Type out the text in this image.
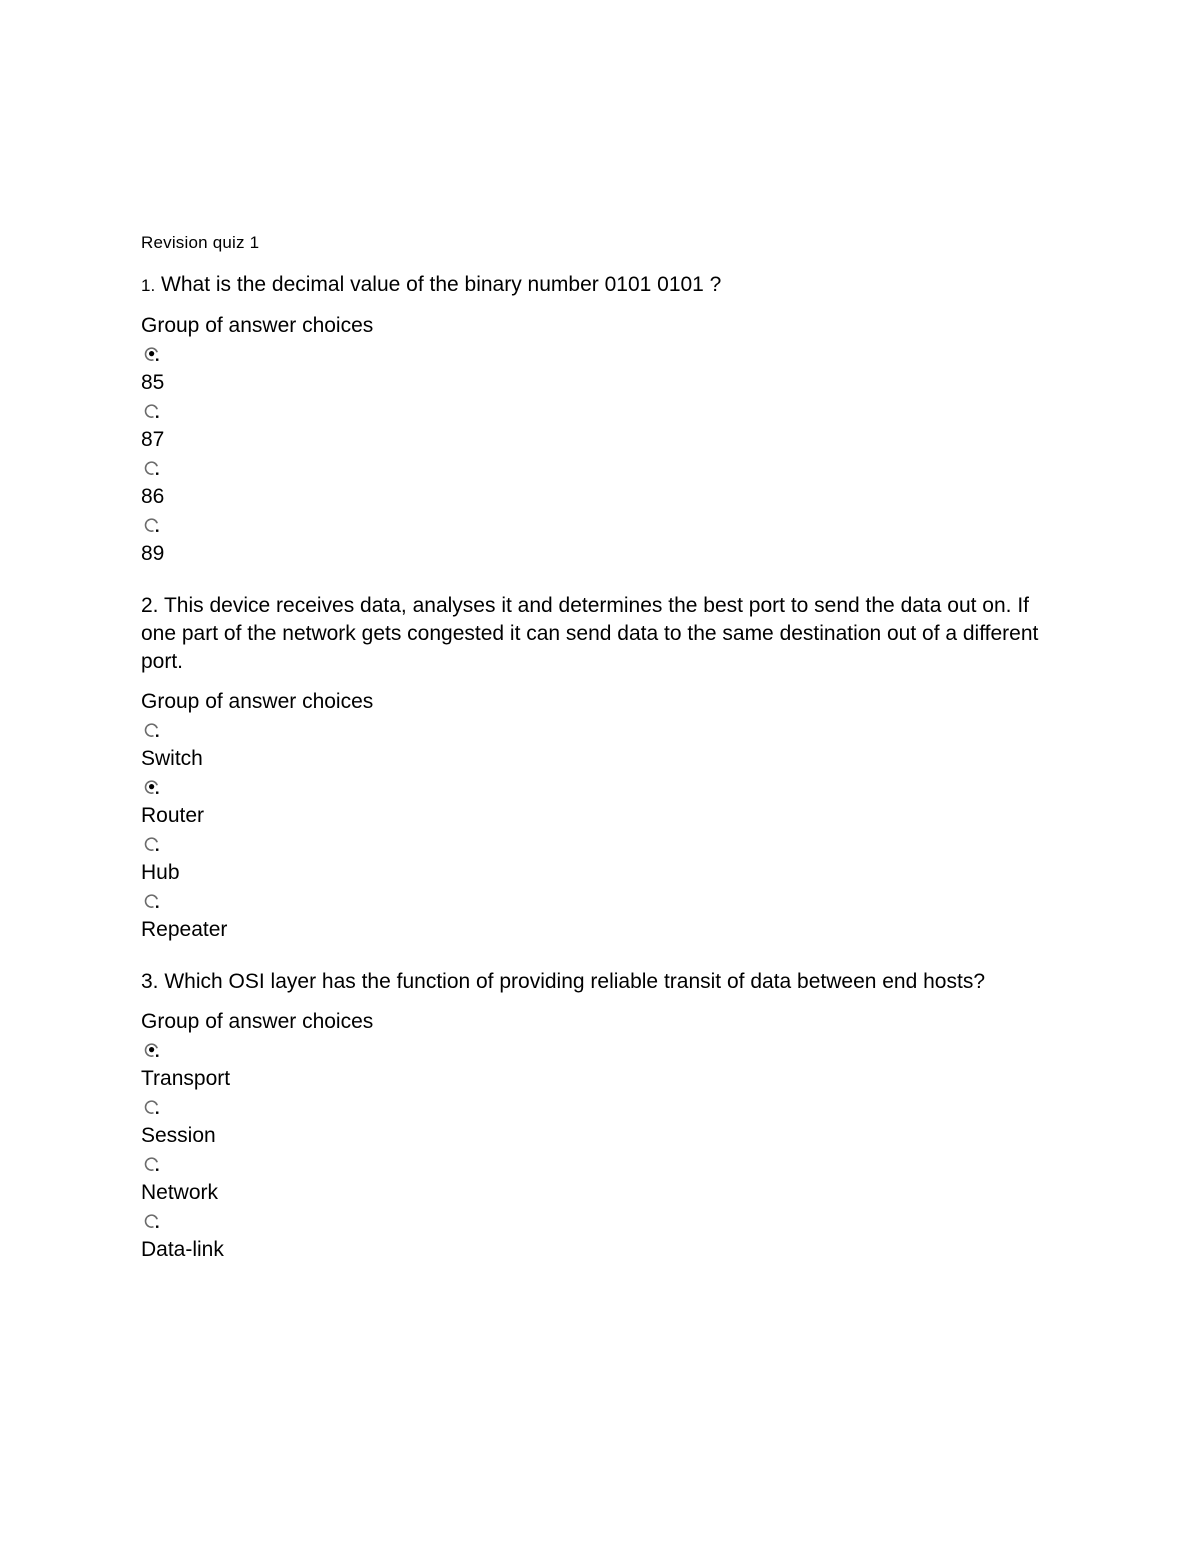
Revision quiz 1
1. What is the decimal value of the binary number 0101 0101 ?
Group of answer choices
85
87
86
89
2. This device receives data, analyses it and determines the best port to send the data out on. If one part of the network gets congested it can send data to the same destination out of a different port.
Group of answer choices
Switch
Router
Hub
Repeater
3. Which OSI layer has the function of providing reliable transit of data between end hosts?
Group of answer choices
Transport
Session
Network
Data-link
